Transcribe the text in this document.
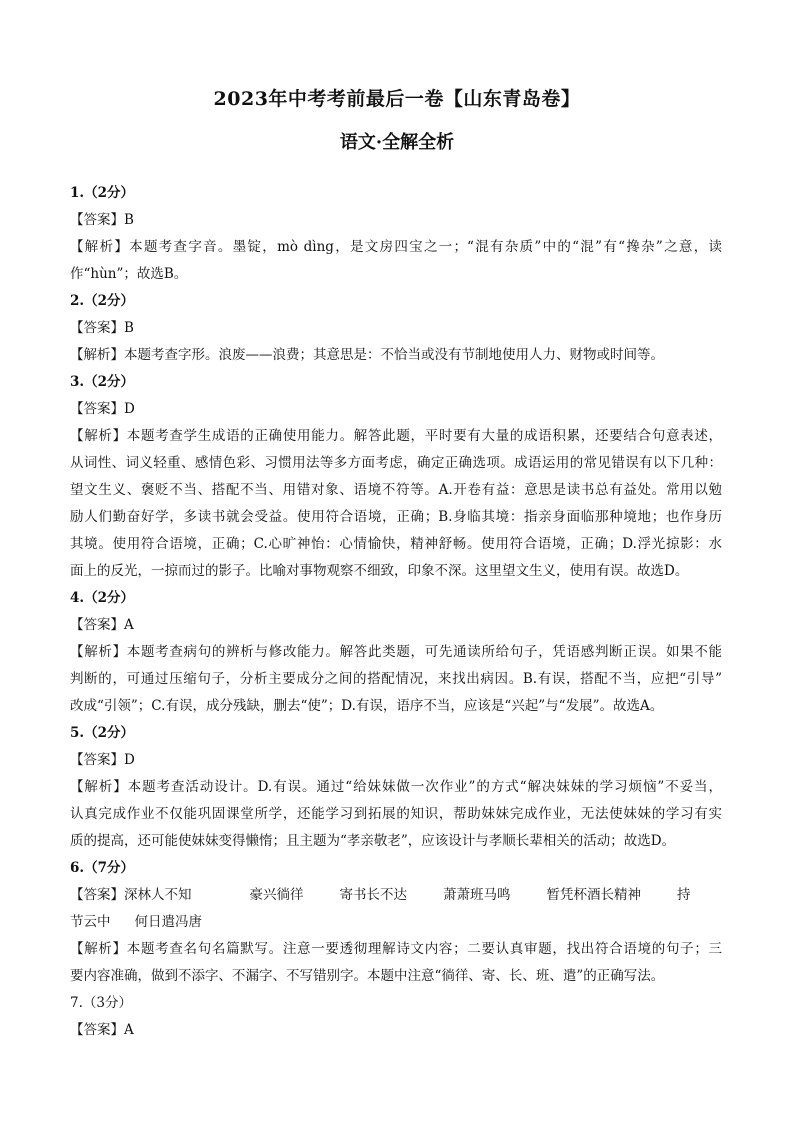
2023年中考考前最后一卷【山东青岛卷】
语文·全解全析

1.（2分）

【答案】B

【解析】本题考查字音。墨锭，mò dìng，是文房四宝之一；“混有杂质”中的“混”有“搀杂”之意，读

作“hùn”；故选B。

2.（2分）

【答案】B

【解析】本题考查字形。浪废——浪费；其意思是：不恰当或没有节制地使用人力、财物或时间等。

3.（2分）

【答案】D

【解析】本题考查学生成语的正确使用能力。解答此题，平时要有大量的成语积累，还要结合句意表述，

从词性、词义轻重、感情色彩、习惯用法等多方面考虑，确定正确选项。成语运用的常见错误有以下几种：

望文生义、褒贬不当、搭配不当、用错对象、语境不符等。A.开卷有益：意思是读书总有益处。常用以勉

励人们勤奋好学，多读书就会受益。使用符合语境，正确；B.身临其境：指亲身面临那种境地；也作身历

其境。使用符合语境，正确；C.心旷神怡：心情愉快，精神舒畅。使用符合语境，正确；D.浮光掠影：水

面上的反光，一掠而过的影子。比喻对事物观察不细致，印象不深。这里望文生义，使用有误。故选D。

4.（2分）

【答案】A

【解析】本题考查病句的辨析与修改能力。解答此类题，可先通读所给句子，凭语感判断正误。如果不能

判断的，可通过压缩句子，分析主要成分之间的搭配情况，来找出病因。B.有误，搭配不当，应把“引导”

改成“引领”；C.有误，成分残缺，删去“使”；D.有误，语序不当，应该是“兴起”与“发展”。故选A。

5.（2分）

【答案】D

【解析】本题考查活动设计。D.有误。通过“给妹妹做一次作业”的方式“解决妹妹的学习烦恼”不妥当，

认真完成作业不仅能巩固课堂所学，还能学习到拓展的知识，帮助妹妹完成作业，无法使妹妹的学习有实

质的提高，还可能使妹妹变得懒惰；且主题为“孝亲敬老”，应该设计与孝顺长辈相关的活动；故选D。

6.（7分）

【答案】深林人不知	豪兴徜徉	寄书长不达	萧萧班马鸣	暂凭杯酒长精神	持

节云中 何日遣冯唐

【解析】本题考查名句名篇默写。注意一要透彻理解诗文内容；二要认真审题，找出符合语境的句子；三

要内容准确，做到不添字、不漏字、不写错别字。本题中注意“徜徉、寄、长、班、遣”的正确写法。

7.（3分）

【答案】A
